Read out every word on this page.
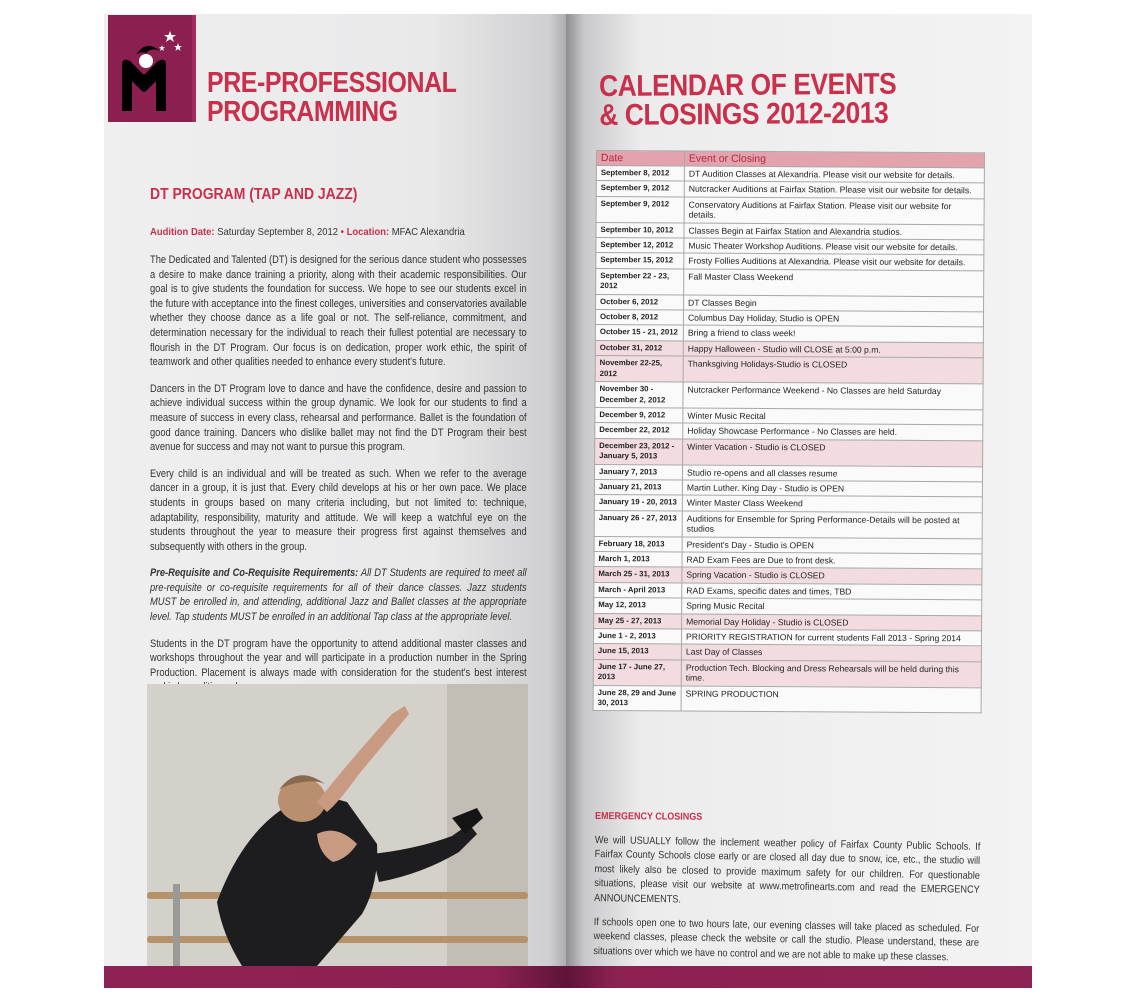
PRE-PROFESSIONAL
PROGRAMMING
DT PROGRAM (TAP AND JAZZ)
Audition Date: Saturday September 8, 2012 • Location: MFAC Alexandria

The Dedicated and Talented (DT) is designed for the serious dance student who possesses a desire to make dance training a priority, along with their academic responsibilities. Our goal is to give students the foundation for success. We hope to see our students excel in the future with acceptance into the finest colleges, universities and conservatories available whether they choose dance as a life goal or not. The self-reliance, commitment, and determination necessary for the individual to reach their fullest potential are necessary to flourish in the DT Program. Our focus is on dedication, proper work ethic, the spirit of teamwork and other qualities needed to enhance every student's future.

Dancers in the DT Program love to dance and have the confidence, desire and passion to achieve individual success within the group dynamic. We look for our students to find a measure of success in every class, rehearsal and performance. Ballet is the foundation of good dance training. Dancers who dislike ballet may not find the DT Program their best avenue for success and may not want to pursue this program.

Every child is an individual and will be treated as such. When we refer to the average dancer in a group, it is just that. Every child develops at his or her own pace. We place students in groups based on many criteria including, but not limited to: technique, adaptability, responsibility, maturity and attitude. We will keep a watchful eye on the students throughout the year to measure their progress first against themselves and subsequently with others in the group.

Pre-Requisite and Co-Requisite Requirements: All DT Students are required to meet all pre-requisite or co-requisite requirements for all of their dance classes. Jazz students MUST be enrolled in, and attending, additional Jazz and Ballet classes at the appropriate level. Tap students MUST be enrolled in an additional Tap class at the appropriate level.

Students in the DT program have the opportunity to attend additional master classes and workshops throughout the year and will participate in a production number in the Spring Production. Placement is always made with consideration for the student's best interest

CALENDAR OF EVENTS
& CLOSINGS 2012-2013
Date	Event or Closing
September 8, 2012	DT Audition Classes at Alexandria. Please visit our website for details.
September 9, 2012	Nutcracker Auditions at Fairfax Station. Please visit our website for details.
September 9, 2012	Conservatory Auditions at Fairfax Station. Please visit our website for details.
September 10, 2012	Classes Begin at Fairfax Station and Alexandria studios.
September 12, 2012	Music Theater Workshop Auditions. Please visit our website for details.
September 15, 2012	Frosty Follies Auditions at Alexandria. Please visit our website for details.
September 22 - 23, 2012	Fall Master Class Weekend
October 6, 2012	DT Classes Begin
October 8, 2012	Columbus Day Holiday, Studio is OPEN
October 15 - 21, 2012	Bring a friend to class week!
October 31, 2012	Happy Halloween - Studio will CLOSE at 5:00 p.m.
November 22-25, 2012	Thanksgiving Holidays-Studio is CLOSED
November 30 - December 2, 2012	Nutcracker Performance Weekend - No Classes are held Saturday
December 9, 2012	Winter Music Recital
December 22, 2012	Holiday Showcase Performance - No Classes are held.
December 23, 2012 - January 5, 2013	Winter Vacation - Studio is CLOSED
January 7, 2013	Studio re-opens and all classes resume
January 21, 2013	Martin Luther. King Day - Studio is OPEN
January 19 - 20, 2013	Winter Master Class Weekend
January 26 - 27, 2013	Auditions for Ensemble for Spring Performance-Details will be posted at studios
February 18, 2013	President's Day - Studio is OPEN
March 1, 2013	RAD Exam Fees are Due to front desk.
March 25 - 31, 2013	Spring Vacation - Studio is CLOSED
March - April 2013	RAD Exams, specific dates and times, TBD
May 12, 2013	Spring Music Recital
May 25 - 27, 2013	Memorial Day Holiday - Studio is CLOSED
June 1 - 2, 2013	PRIORITY REGISTRATION for current students Fall 2013 - Spring 2014
June 15, 2013	Last Day of Classes
June 17 - June 27, 2013	Production Tech. Blocking and Dress Rehearsals will be held during this time.
June 28, 29 and June 30, 2013	SPRING PRODUCTION
EMERGENCY CLOSINGS

We will USUALLY follow the inclement weather policy of Fairfax County Public Schools. If Fairfax County Schools close early or are closed all day due to snow, ice, etc., the studio will most likely also be closed to provide maximum safety for our children. For questionable situations, please visit our website at www.metrofinearts.com and read the EMERGENCY ANNOUNCEMENTS.

If schools open one to two hours late, our evening classes will take placed as scheduled. For weekend classes, please check the website or call the studio. Please understand, these are situations over which we have no control and we are not able to make up these classes.
